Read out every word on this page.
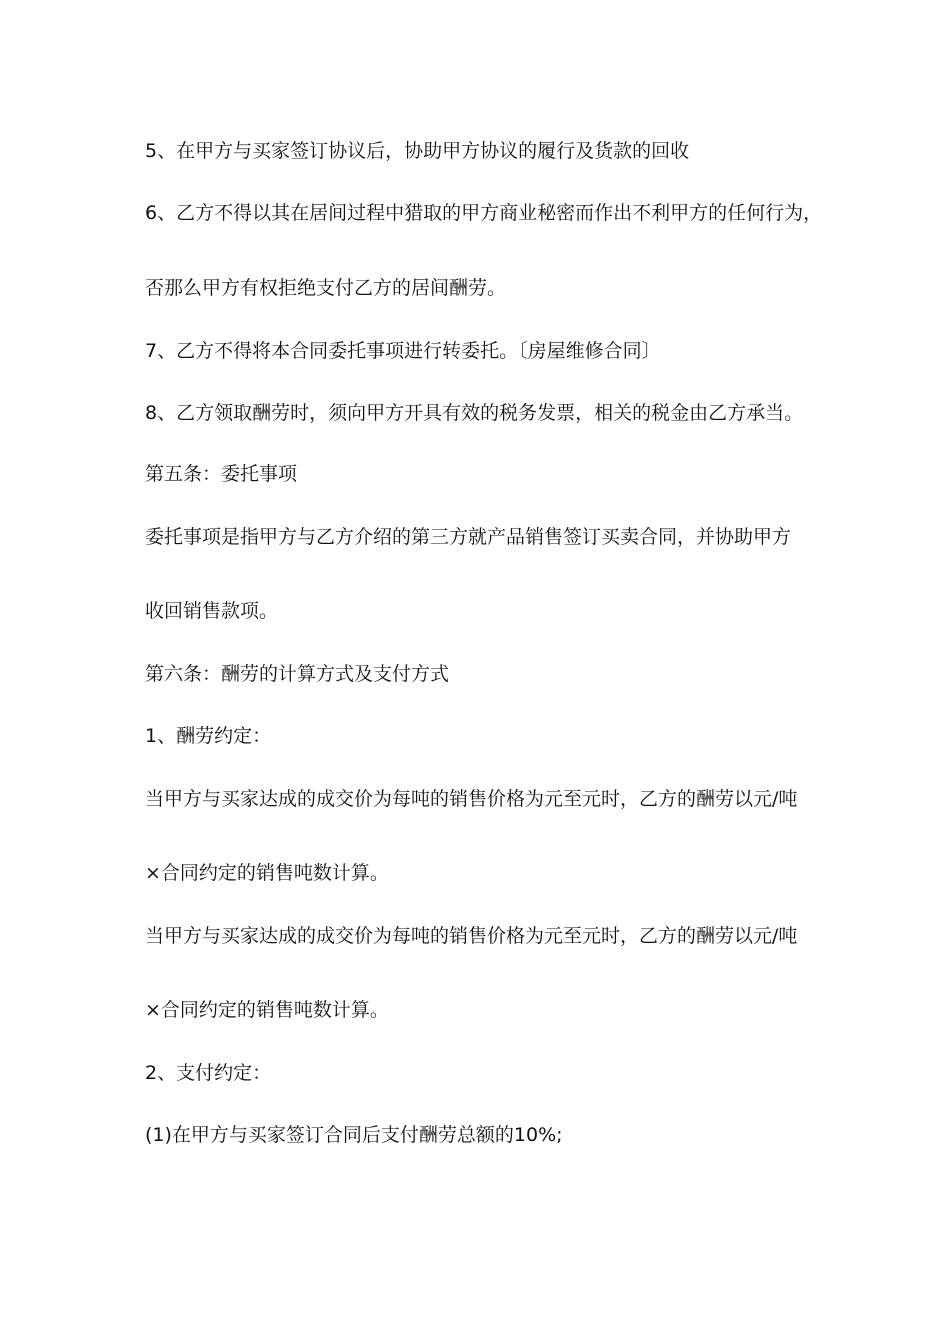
5、在甲方与买家签订协议后，协助甲方协议的履行及货款的回收
6、乙方不得以其在居间过程中猎取的甲方商业秘密而作出不利甲方的任何行为，
否那么甲方有权拒绝支付乙方的居间酬劳。
7、乙方不得将本合同委托事项进行转委托。〔房屋维修合同〕
8、乙方领取酬劳时，须向甲方开具有效的税务发票，相关的税金由乙方承当。
第五条：委托事项
委托事项是指甲方与乙方介绍的第三方就产品销售签订买卖合同，并协助甲方
收回销售款项。
第六条：酬劳的计算方式及支付方式
1、酬劳约定：
当甲方与买家达成的成交价为每吨的销售价格为元至元时，乙方的酬劳以元/吨
×合同约定的销售吨数计算。
当甲方与买家达成的成交价为每吨的销售价格为元至元时，乙方的酬劳以元/吨
×合同约定的销售吨数计算。
2、支付约定：
(1)在甲方与买家签订合同后支付酬劳总额的10%;
